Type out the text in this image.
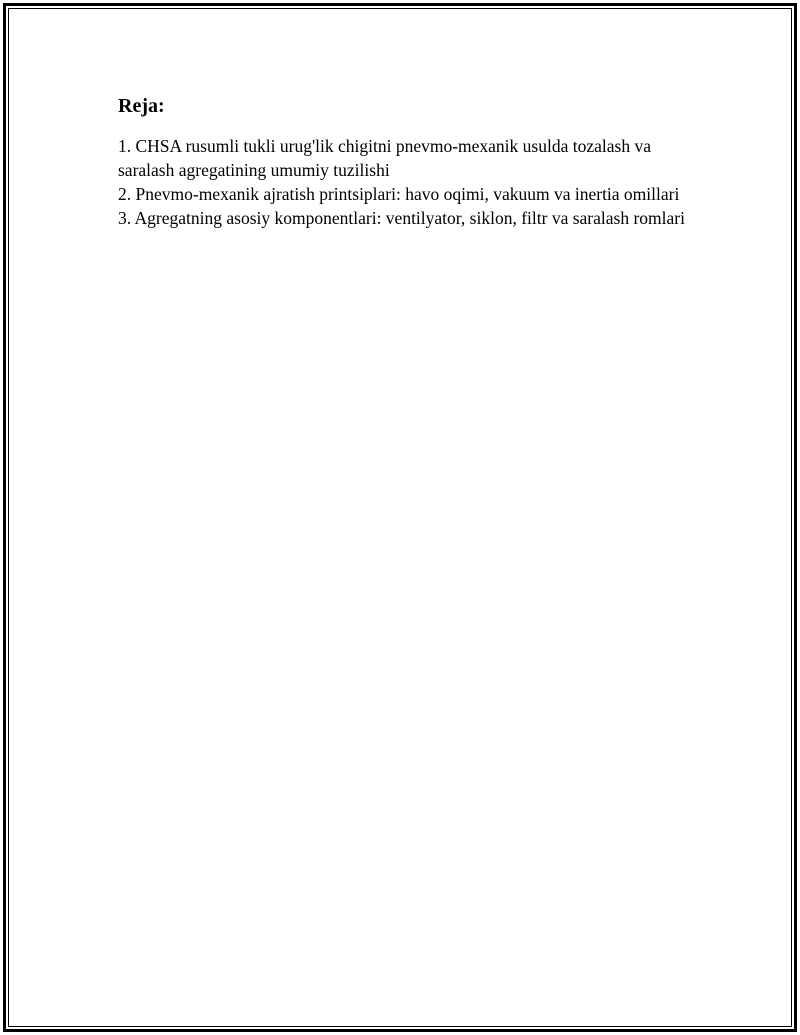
Reja:
1. CHSA rusumli tukli urug'lik chigitni pnevmo-mexanik usulda tozalash va saralash agregatining umumiy tuzilishi
2. Pnevmo-mexanik ajratish printsiplari: havo oqimi, vakuum va inertia omillari
3. Agregatning asosiy komponentlari: ventilyator, siklon, filtr va saralash romlari
